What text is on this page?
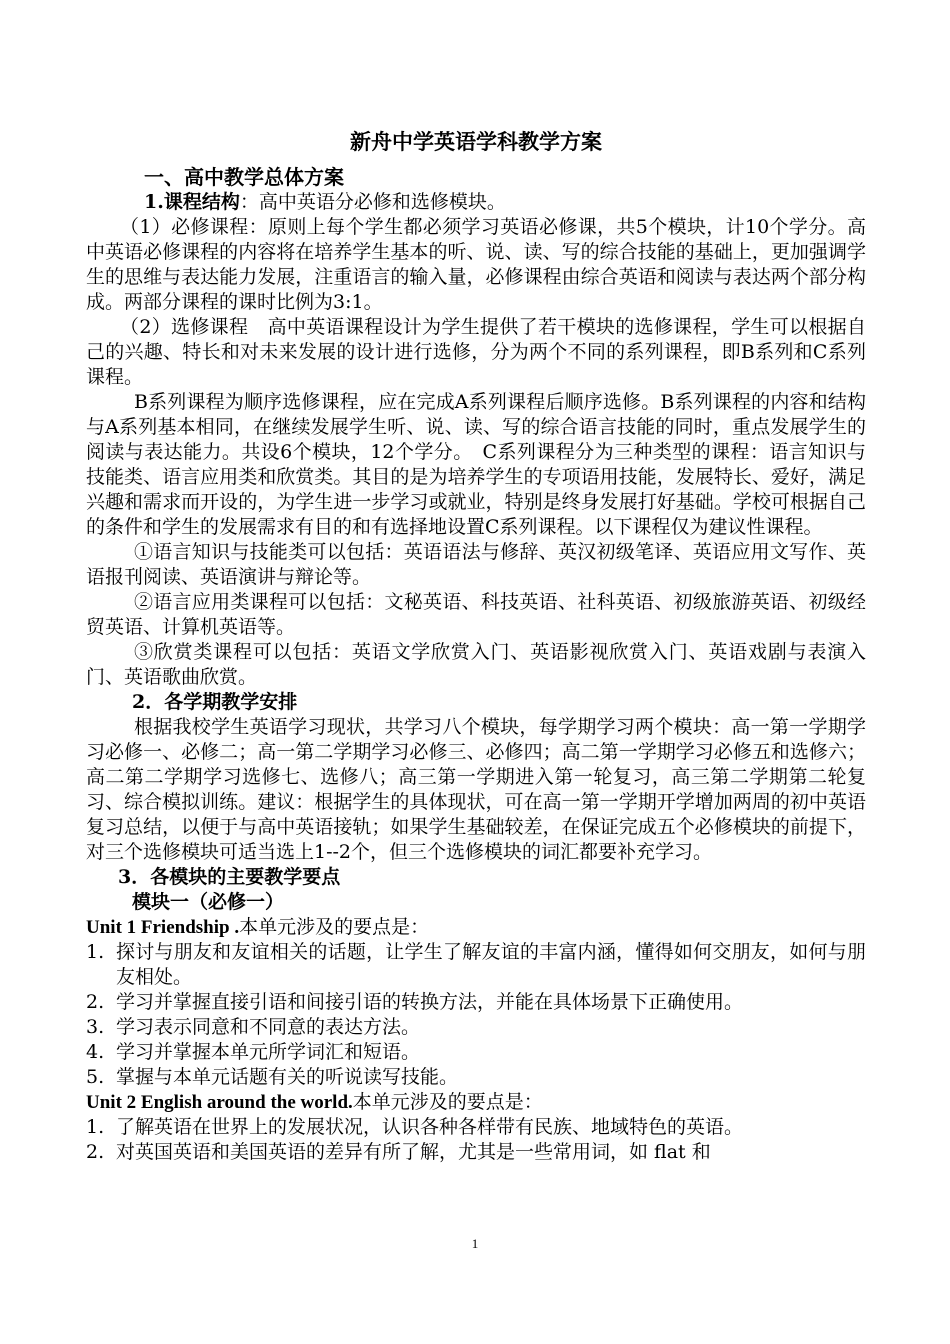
新舟中学英语学科教学方案
一、高中教学总体方案
1.课程结构：高中英语分必修和选修模块。

（1）必修课程：原则上每个学生都必须学习英语必修课，共5个模块，计10个学分。高中英语必修课程的内容将在培养学生基本的听、说、读、写的综合技能的基础上，更加强调学生的思维与表达能力发展，注重语言的输入量，必修课程由综合英语和阅读与表达两个部分构成。两部分课程的课时比例为3:1。

（2）选修课程　高中英语课程设计为学生提供了若干模块的选修课程，学生可以根据自己的兴趣、特长和对未来发展的设计进行选修，分为两个不同的系列课程，即B系列和C系列课程。

B系列课程为顺序选修课程，应在完成A系列课程后顺序选修。B系列课程的内容和结构与A系列基本相同，在继续发展学生听、说、读、写的综合语言技能的同时，重点发展学生的阅读与表达能力。共设6个模块，12个学分。　C系列课程分为三种类型的课程：语言知识与技能类、语言应用类和欣赏类。其目的是为培养学生的专项语用技能，发展特长、爱好，满足兴趣和需求而开设的，为学生进一步学习或就业，特别是终身发展打好基础。学校可根据自己的条件和学生的发展需求有目的和有选择地设置C系列课程。以下课程仅为建议性课程。

①语言知识与技能类可以包括：英语语法与修辞、英汉初级笔译、英语应用文写作、英语报刊阅读、英语演讲与辩论等。

②语言应用类课程可以包括：文秘英语、科技英语、社科英语、初级旅游英语、初级经贸英语、计算机英语等。

③欣赏类课程可以包括：英语文学欣赏入门、英语影视欣赏入门、英语戏剧与表演入门、英语歌曲欣赏。

2．各学期教学安排

根据我校学生英语学习现状，共学习八个模块，每学期学习两个模块：高一第一学期学习必修一、必修二；高一第二学期学习必修三、必修四；高二第一学期学习必修五和选修六；高二第二学期学习选修七、选修八；高三第一学期进入第一轮复习，高三第二学期第二轮复习、综合模拟训练。建议：根据学生的具体现状，可在高一第一学期开学增加两周的初中英语复习总结，以便于与高中英语接轨；如果学生基础较差，在保证完成五个必修模块的前提下，对三个选修模块可适当选上1--2个，但三个选修模块的词汇都要补充学习。

3．各模块的主要教学要点
模块一（必修一）
Unit 1 Friendship .本单元涉及的要点是：
1. 探讨与朋友和友谊相关的话题，让学生了解友谊的丰富内涵，懂得如何交朋友，如何与朋友相处。
2. 学习并掌握直接引语和间接引语的转换方法，并能在具体场景下正确使用。
3. 学习表示同意和不同意的表达方法。
4. 学习并掌握本单元所学词汇和短语。
5. 掌握与本单元话题有关的听说读写技能。
Unit 2 English around the world.本单元涉及的要点是：
1. 了解英语在世界上的发展状况，认识各种各样带有民族、地域特色的英语。
2. 对英国英语和美国英语的差异有所了解，尤其是一些常用词，如 flat 和
1
